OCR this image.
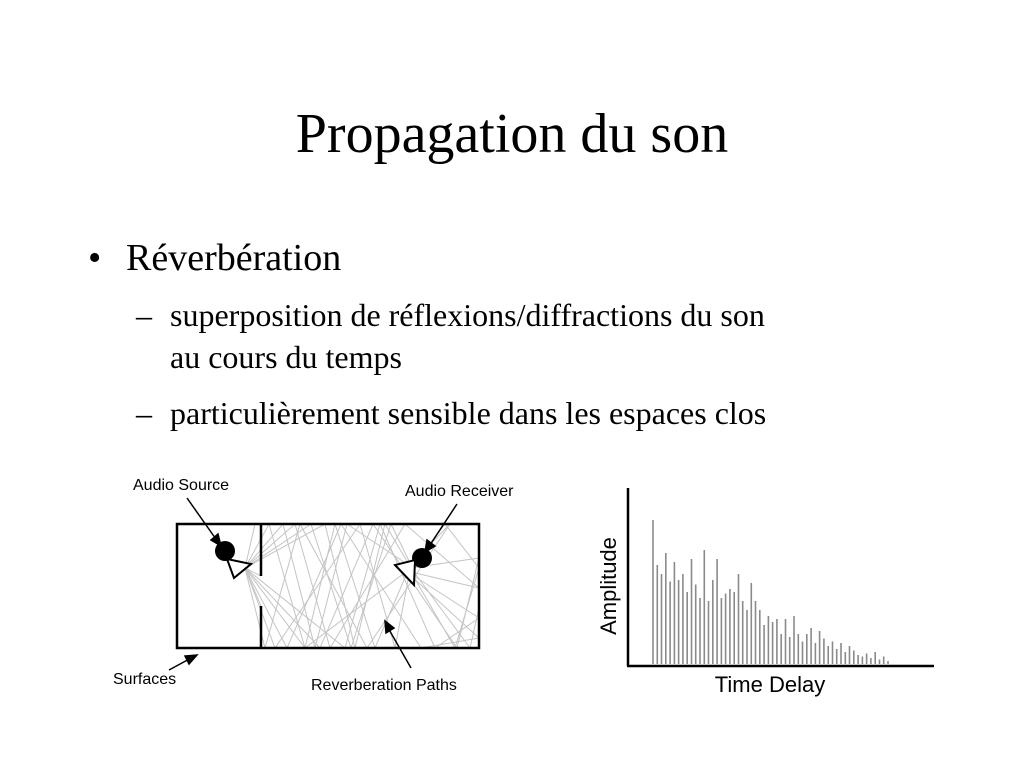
Propagation du son
• Réverbération
– superposition de réflexions/diffractions du son
au cours du temps
– particulièrement sensible dans les espaces clos
Audio Source	Audio Receiver
Surfaces	Reverberation Paths	Time Delay
Amplitude
